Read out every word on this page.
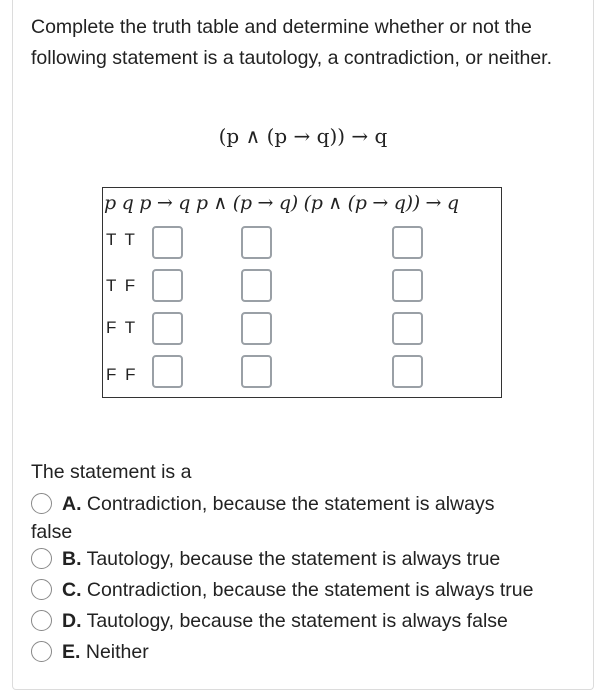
Complete the truth table and determine whether or not the following statement is a tautology, a contradiction, or neither.

(p ∧ (p → q)) → q
p q p → q p ∧ (p → q) (p ∧ (p → q)) → q
T T
T F
F T
F F

The statement is a

A. Contradiction, because the statement is always
false
B. Tautology, because the statement is always true
C. Contradiction, because the statement is always true
D. Tautology, because the statement is always false
E. Neither
